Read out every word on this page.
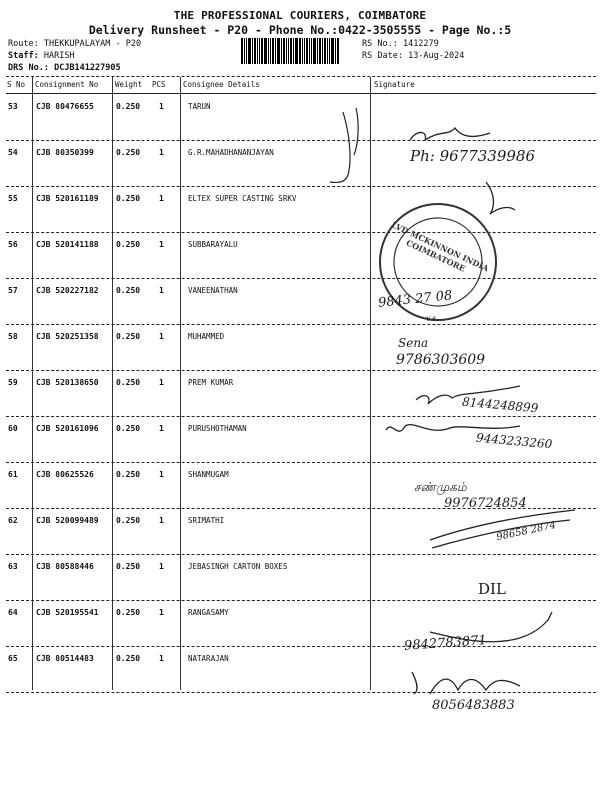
THE PROFESSIONAL COURIERS, COIMBATORE
Delivery Runsheet - P20 - Phone No.:0422-3505555 - Page No.:5
Route: THEKKUPALAYAM - P20
Staff: HARISH
DRS No.: DCJB141227905
RS No.: 1412279
RS Date: 13-Aug-2024
S No Consignment No Weight PCS Consignee Details	Signature
53 CJB 80476655	0.250 1	TARUN
54 CJB 80350399	0.250 1	G.R.MAHADHANANJAYAN
55 CJB 520161189 0.250 1	ELTEX SUPER CASTING SRKV
56 CJB 520141188 0.250 1	SUBBARAYALU
57 CJB 520227182 0.250 1	VANEENATHAN
58 CJB 520251358 0.250 1	MUHAMMED
59 CJB 520138650 0.250 1	PREM KUMAR
60 CJB 520161096 0.250 1	PURUSHOTHAMAN
61 CJB 80625526	0.250 1	SHANMUGAM
62 CJB 520099489 0.250 1	SRIMATHI
63 CJB 80588446	0.250 1	JEBASINGH CARTON BOXES
64 CJB 520195541 0.250 1	RANGASAMY
65 CJB 80514483	0.250 1	NATARAJAN
LVD MCKINNON INDIA COIMBATORE
Ph: 9677339986
9843 27 08
v.s.
Sena
9786303609
8144248899
9443233260
சண்முகம்
9976724854
98658 2874
DIL
9842783871
8056483883
